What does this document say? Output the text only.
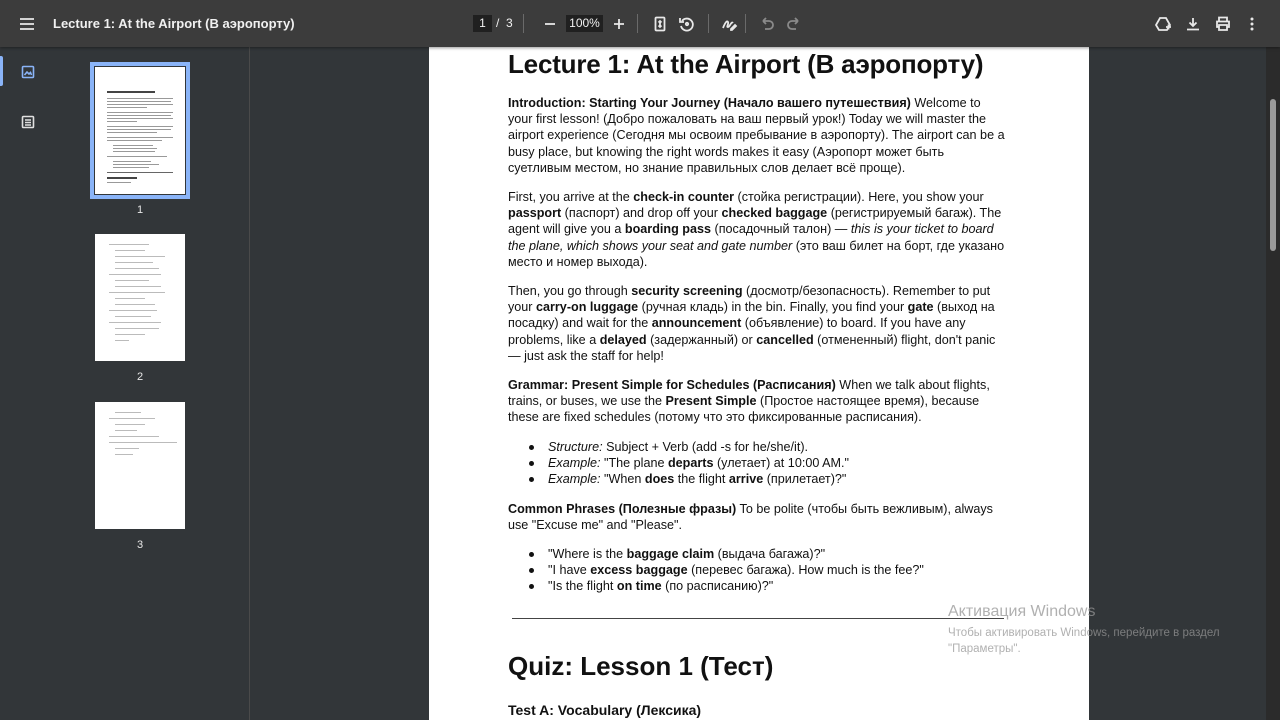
Lecture 1: At the Airport (В аэропорту)	1 / 3	100%
1
2
3
Lecture 1: At the Airport (В аэропорту)

Introduction: Starting Your Journey (Начало вашего путешествия) Welcome to your first lesson! (Добро пожаловать на ваш первый урок!) Today we will master the airport experience (Сегодня мы освоим пребывание в аэропорту). The airport can be a busy place, but knowing the right words makes it easy (Аэропорт может быть суетливым местом, но знание правильных слов делает всё проще).

First, you arrive at the check-in counter (стойка регистрации). Here, you show your passport (паспорт) and drop off your checked baggage (регистрируемый багаж). The agent will give you a boarding pass (посадочный талон) — this is your ticket to board the plane, which shows your seat and gate number (это ваш билет на борт, где указано место и номер выхода).

Then, you go through security screening (досмотр/безопасность). Remember to put your carry-on luggage (ручная кладь) in the bin. Finally, you find your gate (выход на посадку) and wait for the announcement (объявление) to board. If you have any problems, like a delayed (задержанный) or cancelled (отмененный) flight, don't panic — just ask the staff for help!

Grammar: Present Simple for Schedules (Расписания) When we talk about flights, trains, or buses, we use the Present Simple (Простое настоящее время), because these are fixed schedules (потому что это фиксированные расписания).

Structure: Subject + Verb (add -s for he/she/it).
Example: "The plane departs (улетает) at 10:00 AM."
Example: "When does the flight arrive (прилетает)?"

Common Phrases (Полезные фразы) To be polite (чтобы быть вежливым), always use "Excuse me" and "Please".

"Where is the baggage claim (выдача багажа)?"
"I have excess baggage (перевес багажа). How much is the fee?"
"Is the flight on time (по расписанию)?"
Quiz: Lesson 1 (Тест)
Test A: Vocabulary (Лексика)
Активация Windows
Чтобы активировать Windows, перейдите в раздел
"Параметры".
